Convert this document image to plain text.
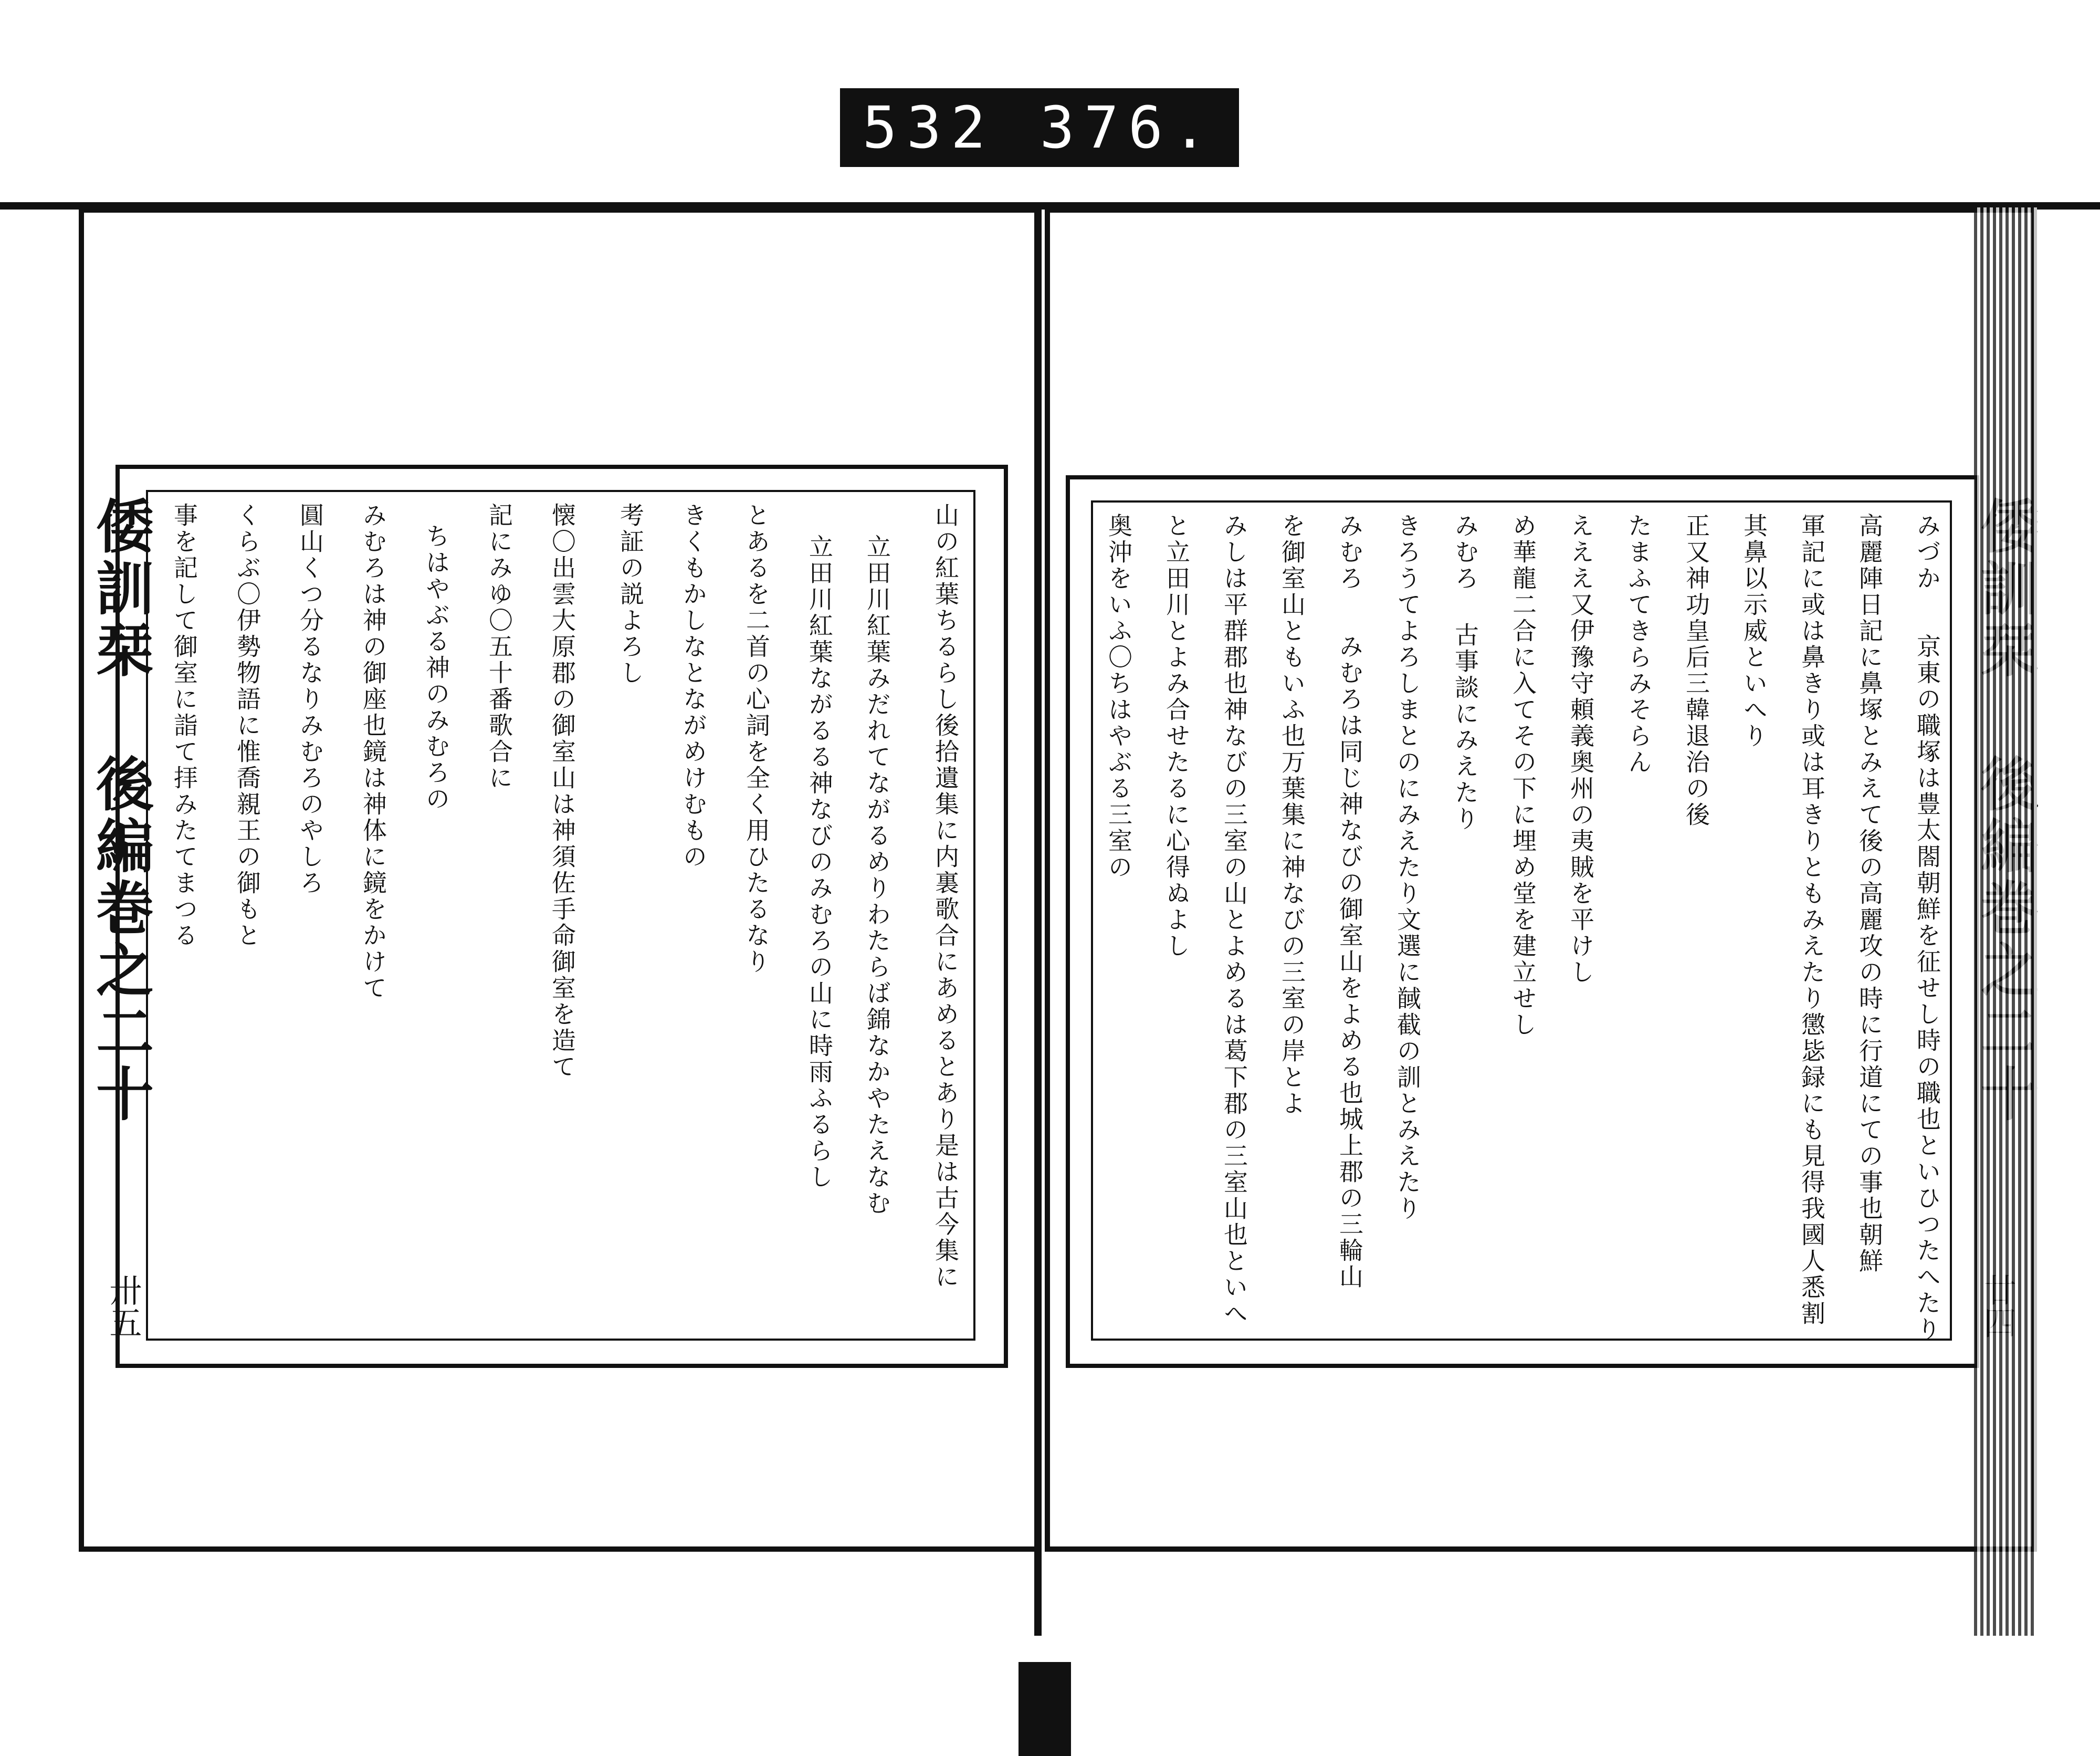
532 376.
山の紅葉ちるらし後拾遺集に内裏歌合にあめるとあり是は古今集に
立田川紅葉みだれてながるめりわたらば錦なかやたえなむ
立田川紅葉ながるる神なびのみむろの山に時雨ふるらし
とあるを二首の心詞を全く用ひたるなり
きくもかしなとながめけむもの
考証の説よろし
懐〇出雲大原郡の御室山は神須佐手命御室を造て
記にみゆ〇五十番歌合に
ちはやぶる神のみむろの
みむろは神の御座也鏡は神体に鏡をかけて
圓山くつ分るなりみむろのやしろ
くらぶ〇伊勢物語に惟喬親王の御もと
事を記して御室に詣て拝みたてまつる
倭訓栞 後編巻之二十
卅五
みづか
京東の職塚は豊太閤朝鮮を征せし時の職也といひつたへたり
高麗陣日記に鼻塚とみえて後の高麗攻の時に行道にての事也朝鮮
軍記に或は鼻きり或は耳きりともみえたり懲毖録にも見得我國人悉割
其鼻以示威といへり
正又神功皇后三韓退治の後
たまふてきらみそらん
えええ又伊豫守頼義奥州の夷賊を平けし
め華龍二合に入てその下に埋め堂を建立せし
みむろ 古事談にみえたり
きろうてよろしまとのにみえたり文選に馘截の訓とみえたり
みむろ
みむろは同じ神なびの御室山をよめる也城上郡の三輪山
を御室山ともいふ也万葉集に神なびの三室の岸とよ
みしは平群郡也神なびの三室の山とよめるは葛下郡の三室山也といへ
と立田川とよみ合せたるに心得ぬよし
奥沖をいふ〇ちはやぶる三室の
